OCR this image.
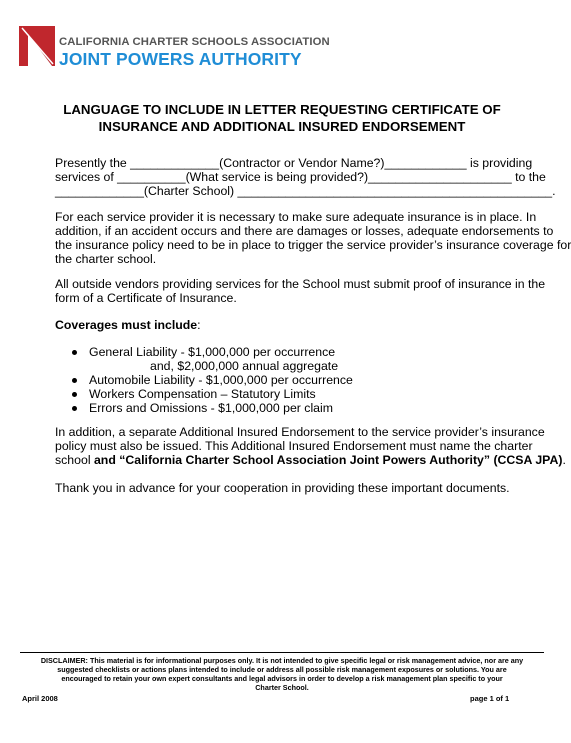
CALIFORNIA CHARTER SCHOOLS ASSOCIATION
JOINT POWERS AUTHORITY
LANGUAGE TO INCLUDE IN LETTER REQUESTING CERTIFICATE OF
INSURANCE AND ADDITIONAL INSURED ENDORSEMENT
Presently the _____________(Contractor or Vendor Name?)____________ is providing
services of __________(What service is being provided?)_____________________ to the
_____________(Charter School) ______________________________________________.
For each service provider it is necessary to make sure adequate insurance is in place. In
addition, if an accident occurs and there are damages or losses, adequate endorsements to
the insurance policy need to be in place to trigger the service provider’s insurance coverage for
the charter school.
All outside vendors providing services for the School must submit proof of insurance in the
form of a Certificate of Insurance.
Coverages must include:
General Liability - $1,000,000 per occurrence
and, $2,000,000 annual aggregate
Automobile Liability - $1,000,000 per occurrence
Workers Compensation – Statutory Limits
Errors and Omissions - $1,000,000 per claim
In addition, a separate Additional Insured Endorsement to the service provider’s insurance
policy must also be issued. This Additional Insured Endorsement must name the charter
school and “California Charter School Association Joint Powers Authority” (CCSA JPA).
Thank you in advance for your cooperation in providing these important documents.
DISCLAIMER: This material is for informational purposes only. It is not intended to give specific legal or risk management advice, nor are any
suggested checklists or actions plans intended to include or address all possible risk management exposures or solutions. You are
encouraged to retain your own expert consultants and legal advisors in order to develop a risk management plan specific to your
Charter School.
April 2008	page 1 of 1
